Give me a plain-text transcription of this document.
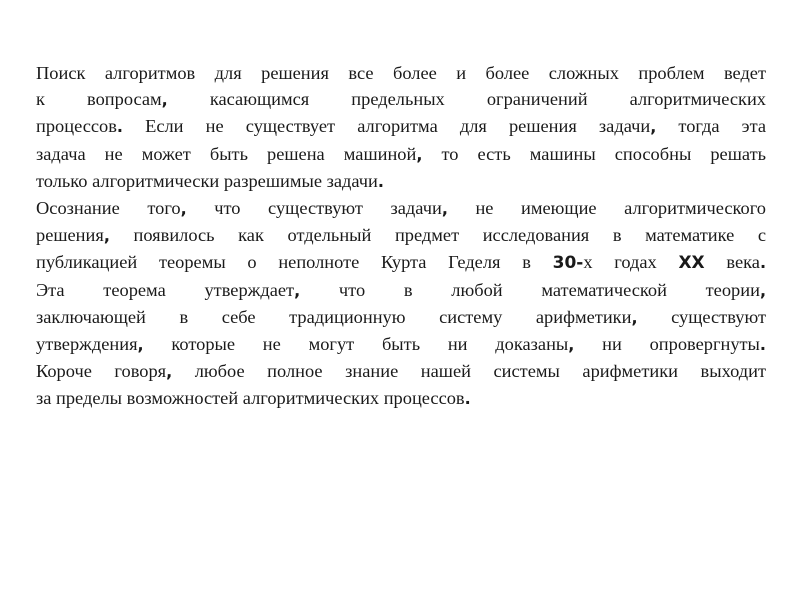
Поиск алгоритмов для решения все более и более сложных проблем ведет
к вопросам, касающимся предельных ограничений алгоритмических
процессов. Если не существует алгоритма для решения задачи, тогда эта
задача не может быть решена машиной, то есть машины способны решать
только алгоритмически разрешимые задачи.
Осознание того, что существуют задачи, не имеющие алгоритмического
решения, появилось как отдельный предмет исследования в математике с
публикацией теоремы о неполноте Курта Геделя в 30-х годах XX века.
Эта теорема утверждает, что в любой математической теории,
заключающей в себе традиционную систему арифметики, существуют
утверждения, которые не могут быть ни доказаны, ни опровергнуты.
Короче говоря, любое полное знание нашей системы арифметики выходит
за пределы возможностей алгоритмических процессов.
